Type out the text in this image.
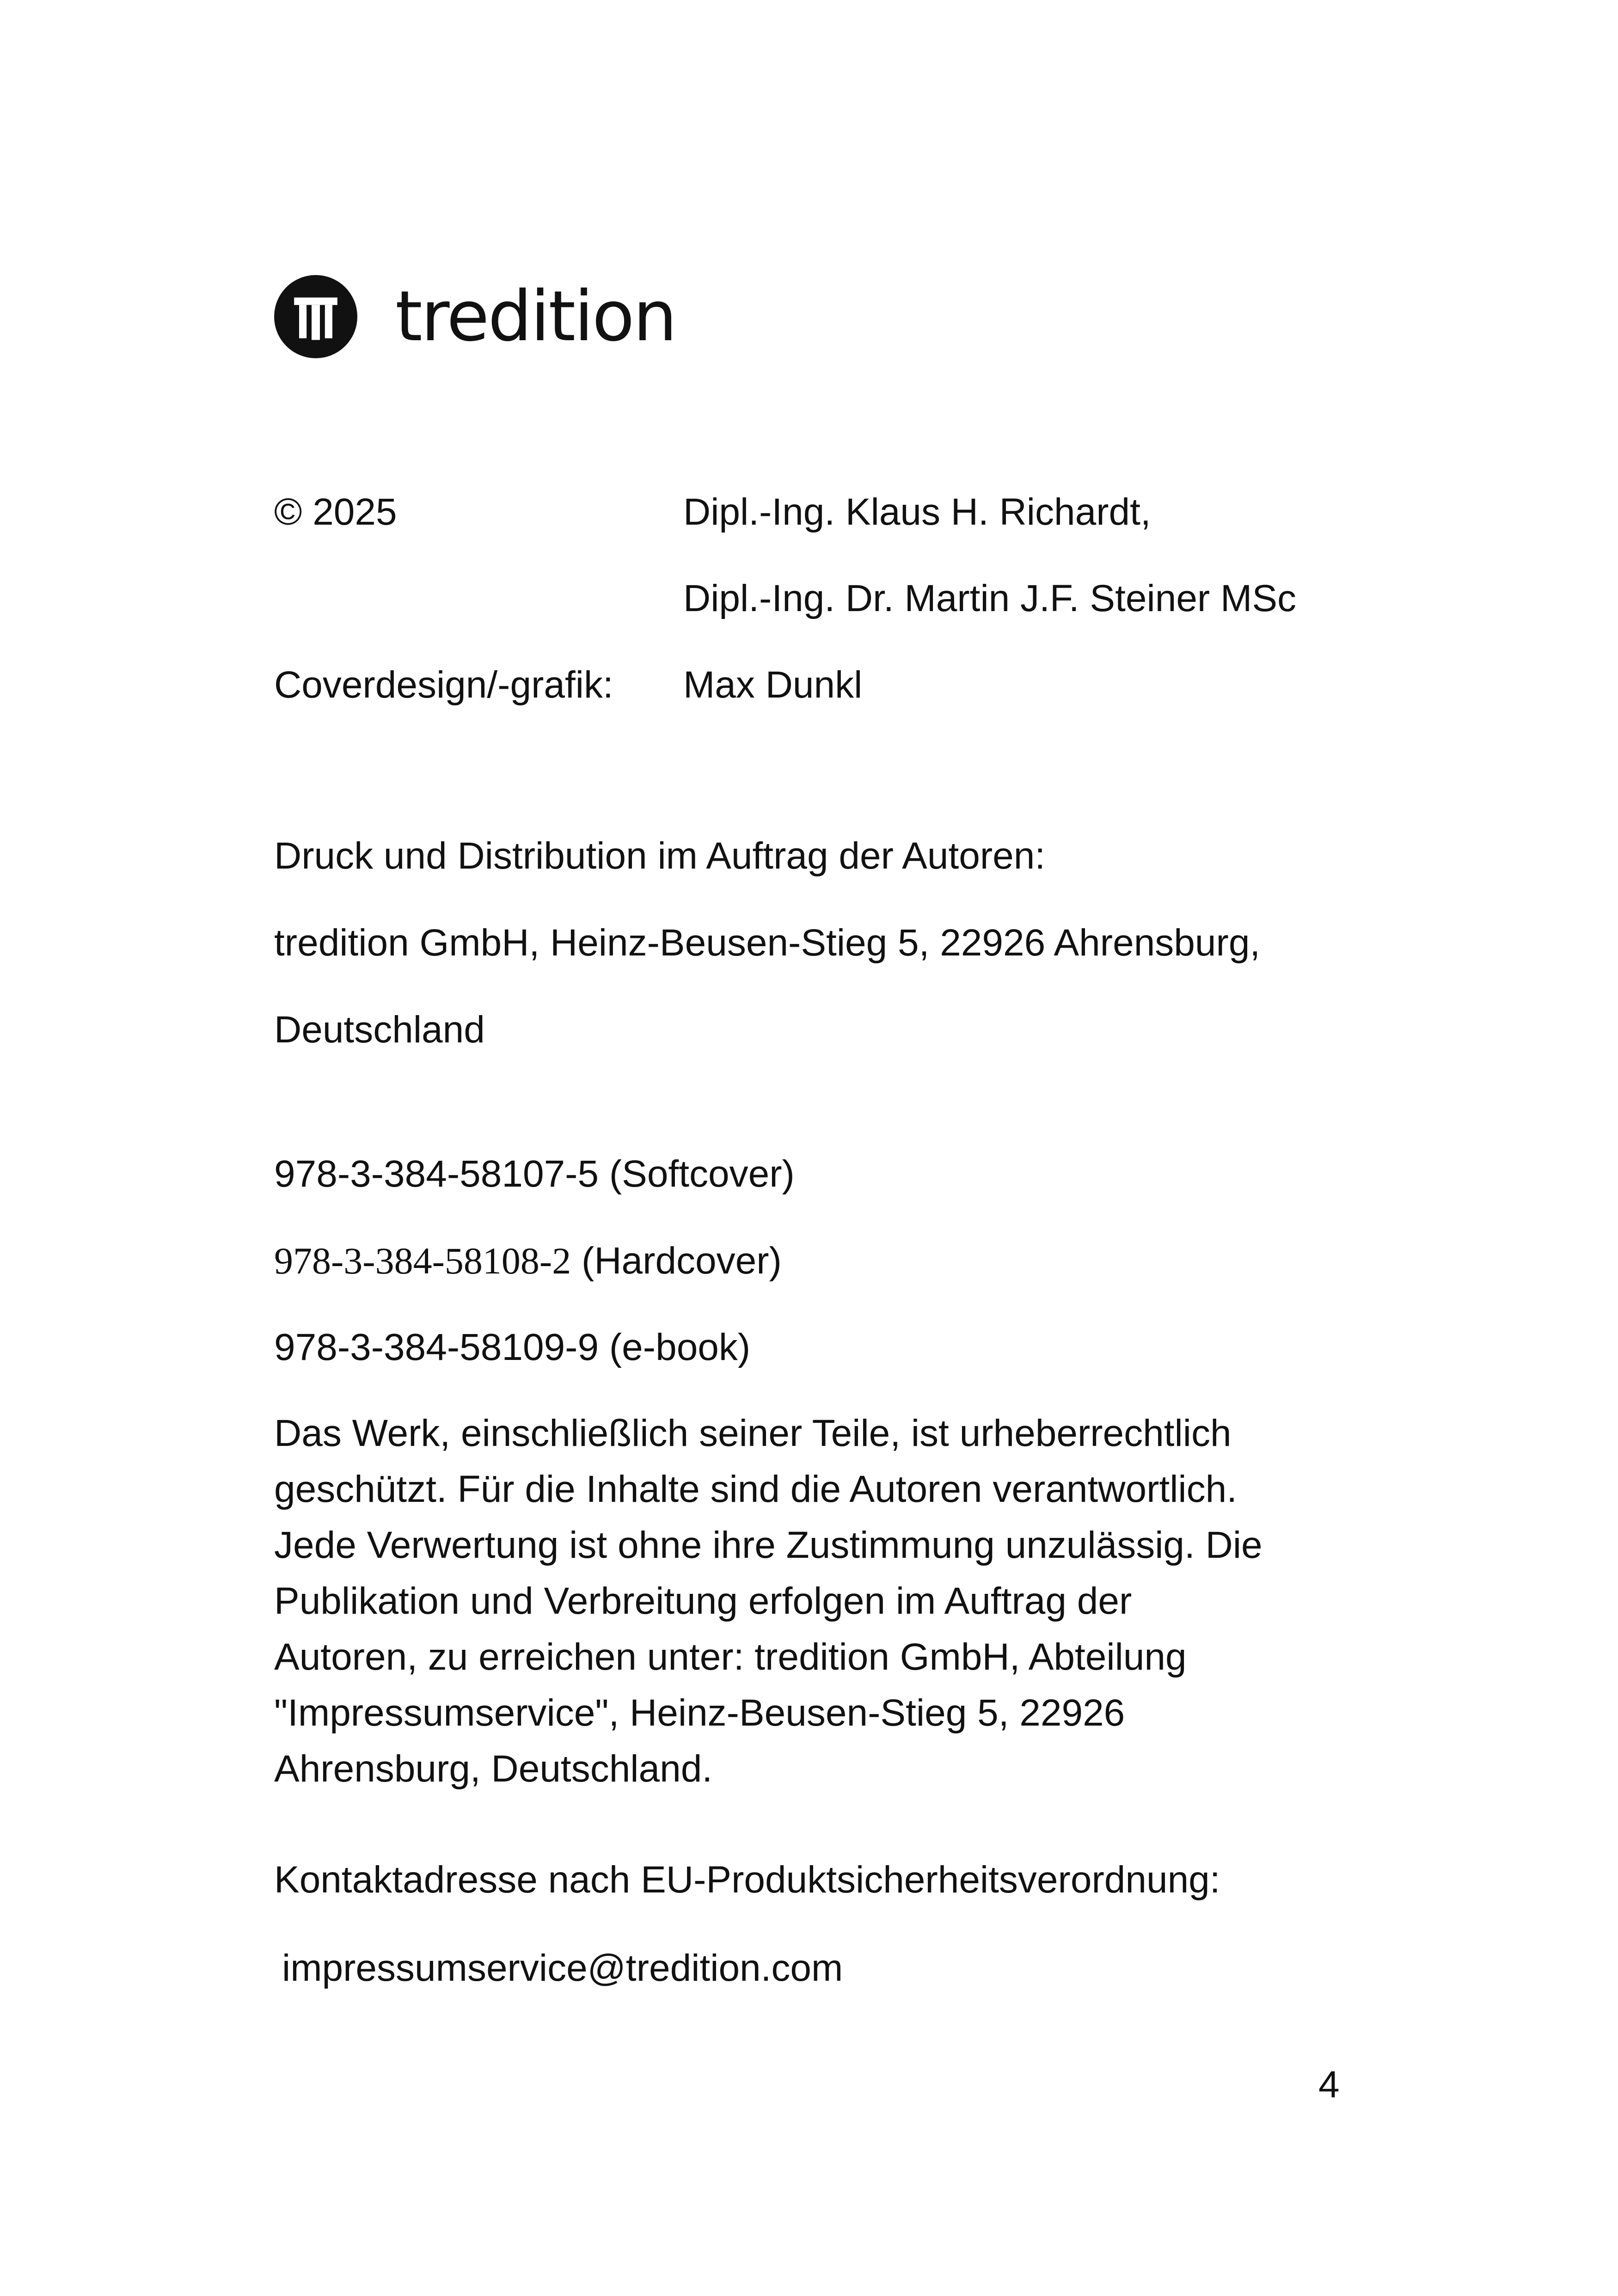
tredition
© 2025	Dipl.-Ing. Klaus H. Richardt,
Dipl.-Ing. Dr. Martin J.F. Steiner MSc
Coverdesign/-grafik: Max Dunkl
Druck und Distribution im Auftrag der Autoren:
tredition GmbH, Heinz-Beusen-Stieg 5, 22926 Ahrensburg,
Deutschland
978-3-384-58107-5 (Softcover)
978-3-384-58108-2 (Hardcover)
978-3-384-58109-9 (e-book)
Das Werk, einschließlich seiner Teile, ist urheberrechtlich
geschützt. Für die Inhalte sind die Autoren verantwortlich.
Jede Verwertung ist ohne ihre Zustimmung unzulässig. Die
Publikation und Verbreitung erfolgen im Auftrag der
Autoren, zu erreichen unter: tredition GmbH, Abteilung
"Impressumservice", Heinz-Beusen-Stieg 5, 22926
Ahrensburg, Deutschland.
Kontaktadresse nach EU-Produktsicherheitsverordnung:
impressumservice@tredition.com
4
